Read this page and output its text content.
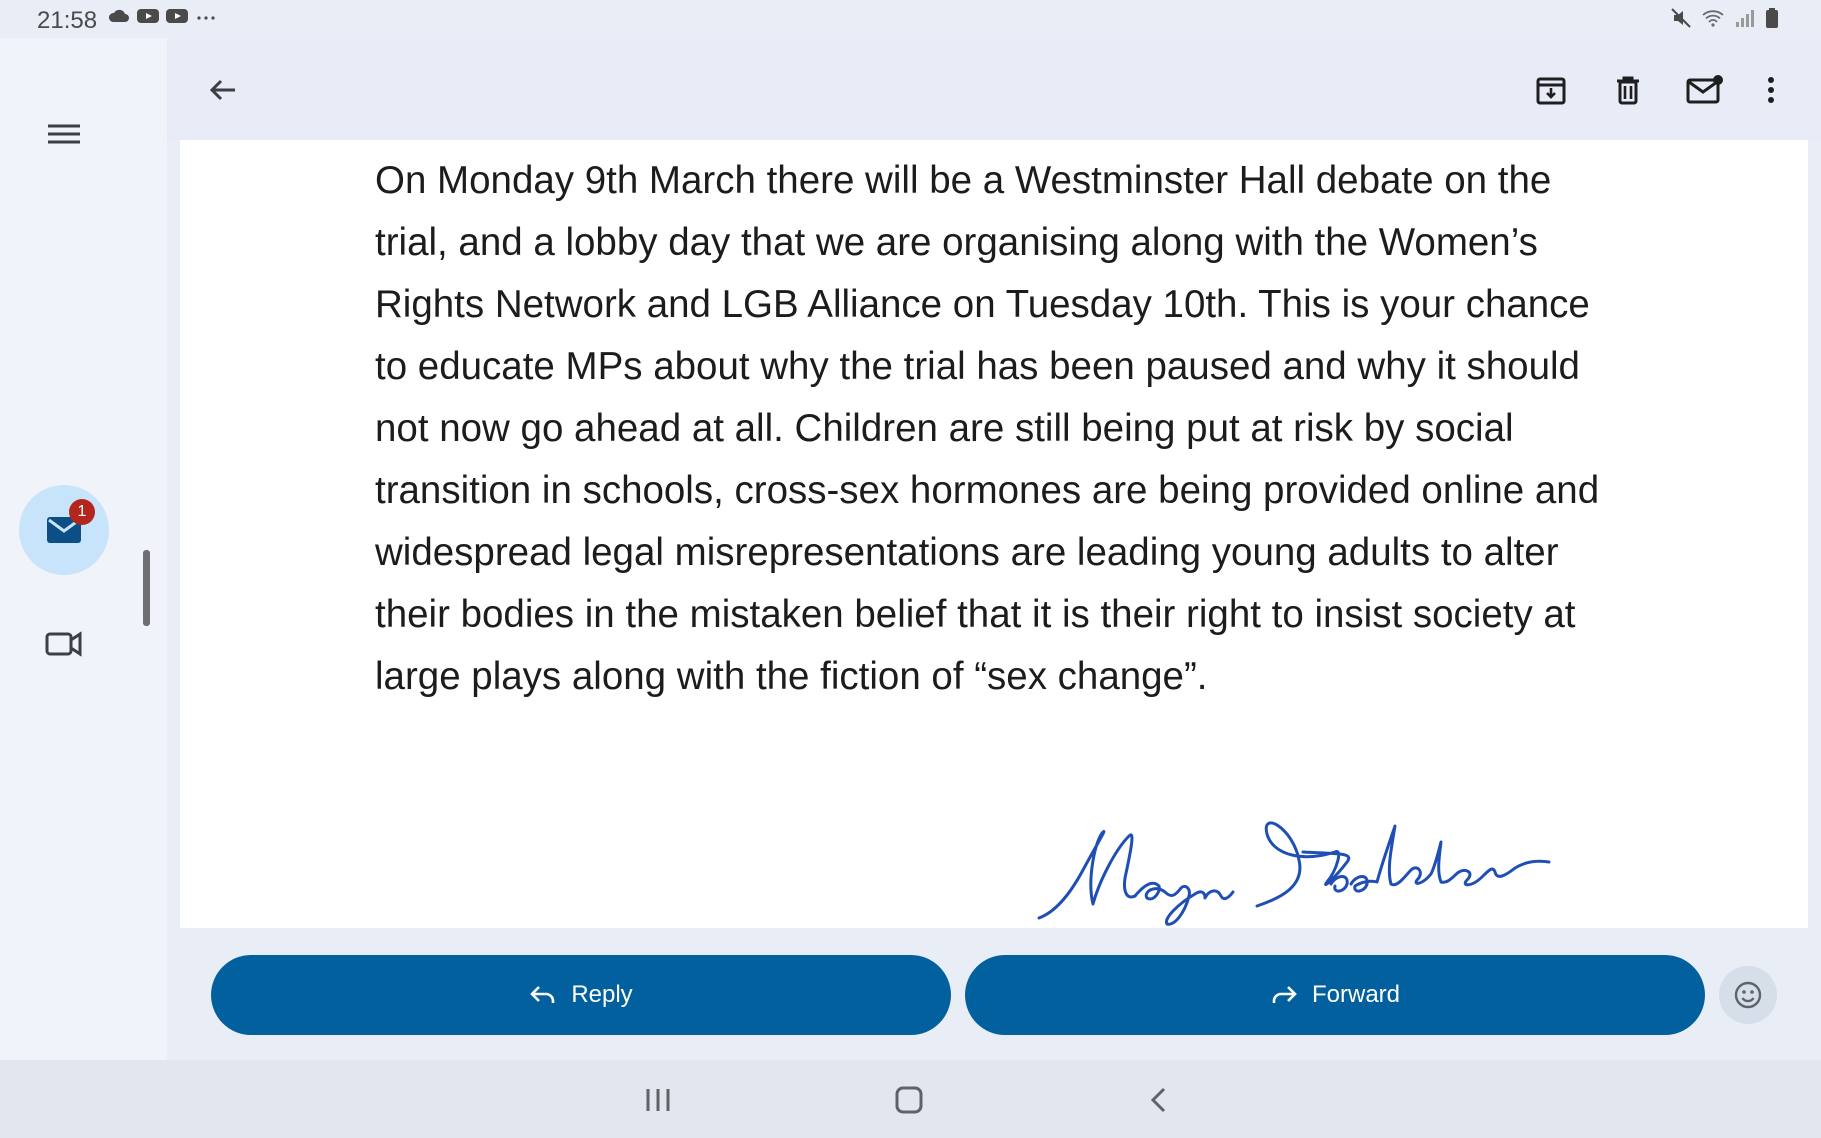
21:58
1

On Monday 9th March there will be a Westminster Hall debate on the trial, and a lobby day that we are organising along with the Women’s Rights Network and LGB Alliance on Tuesday 10th. This is your chance to educate MPs about why the trial has been paused and why it should not now go ahead at all. Children are still being put at risk by social transition in schools, cross-sex hormones are being provided online and widespread legal misrepresentations are leading young adults to alter their bodies in the mistaken belief that it is their right to insist society at large plays along with the fiction of “sex change”.

Reply	Forward
